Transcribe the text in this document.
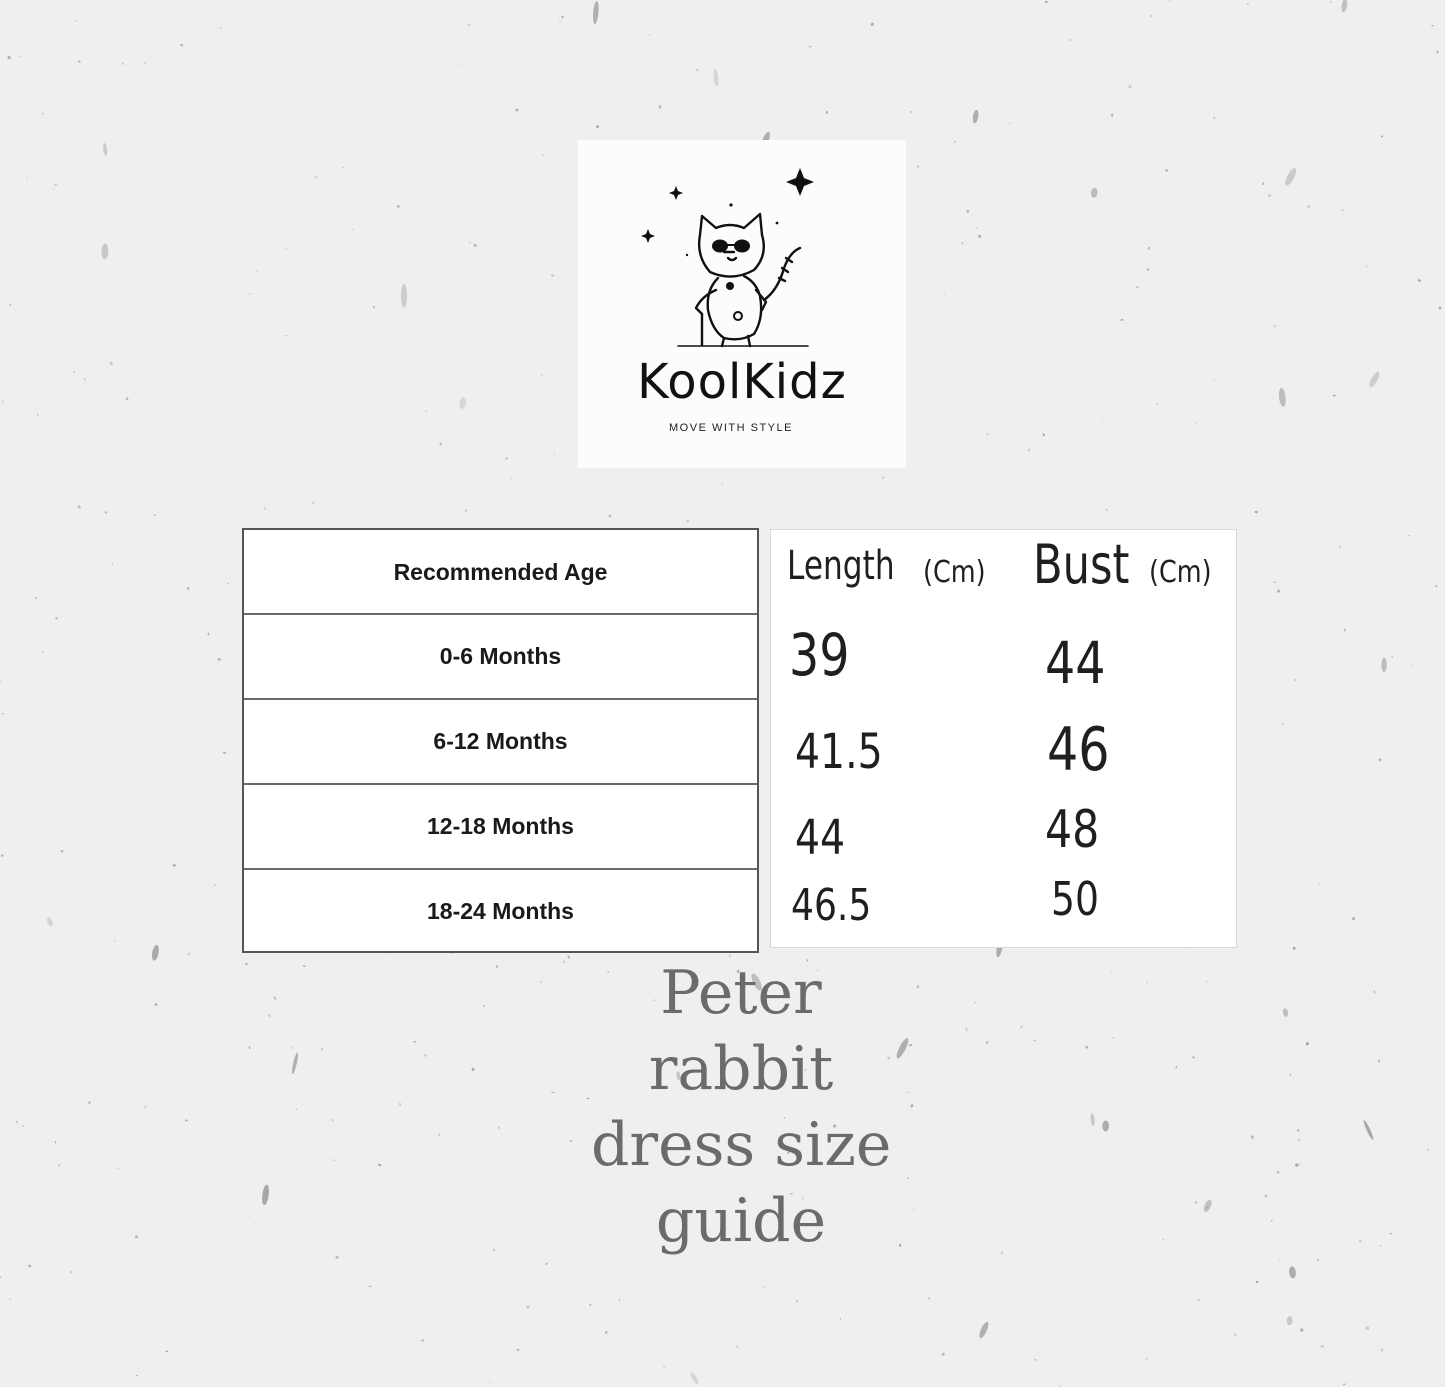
KoolKidz
MOVE WITH STYLE
Recommended Age
0-6 Months
6-12 Months
12-18 Months
18-24 Months
Length (Cm) Bust (Cm)
39
41.5
44
46.5
44
46
48
50
Peter
rabbit
dress size
guide
